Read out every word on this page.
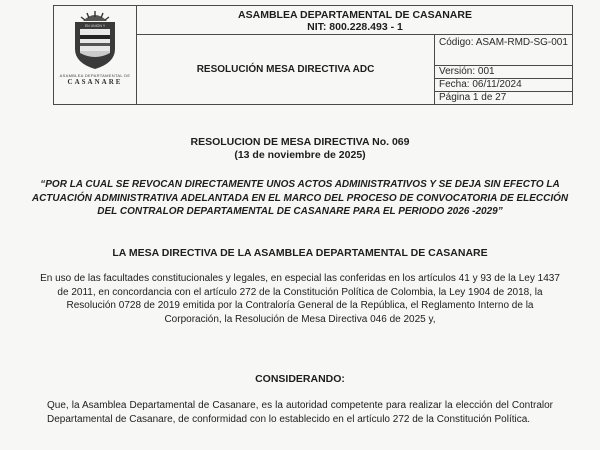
EN UNION Y
ASAMBLEA DEPARTAMENTAL DE
CASANARE
ASAMBLEA DEPARTAMENTAL DE CASANARE
NIT: 800.228.493 - 1
RESOLUCIÓN MESA DIRECTIVA ADC
Código: ASAM-RMD-SG-001
Versión: 001
Fecha: 06/11/2024
Página 1 de 27
RESOLUCION DE MESA DIRECTIVA No. 069
(13 de noviembre de 2025)
“POR LA CUAL SE REVOCAN DIRECTAMENTE UNOS ACTOS ADMINISTRATIVOS Y SE DEJA SIN EFECTO LA ACTUACIÓN ADMINISTRATIVA ADELANTADA EN EL MARCO DEL PROCESO DE CONVOCATORIA DE ELECCIÓN DEL CONTRALOR DEPARTAMENTAL DE CASANARE PARA EL PERIODO 2026 -2029”
LA MESA DIRECTIVA DE LA ASAMBLEA DEPARTAMENTAL DE CASANARE
En uso de las facultades constitucionales y legales, en especial las conferidas en los artículos 41 y 93 de la Ley 1437 de 2011, en concordancia con el artículo 272 de la Constitución Política de Colombia, la Ley 1904 de 2018, la Resolución 0728 de 2019 emitida por la Contraloría General de la República, el Reglamento Interno de la Corporación, la Resolución de Mesa Directiva 046 de 2025 y,
CONSIDERANDO:
Que, la Asamblea Departamental de Casanare, es la autoridad competente para realizar la elección del Contralor Departamental de Casanare, de conformidad con lo establecido en el artículo 272 de la Constitución Política.
